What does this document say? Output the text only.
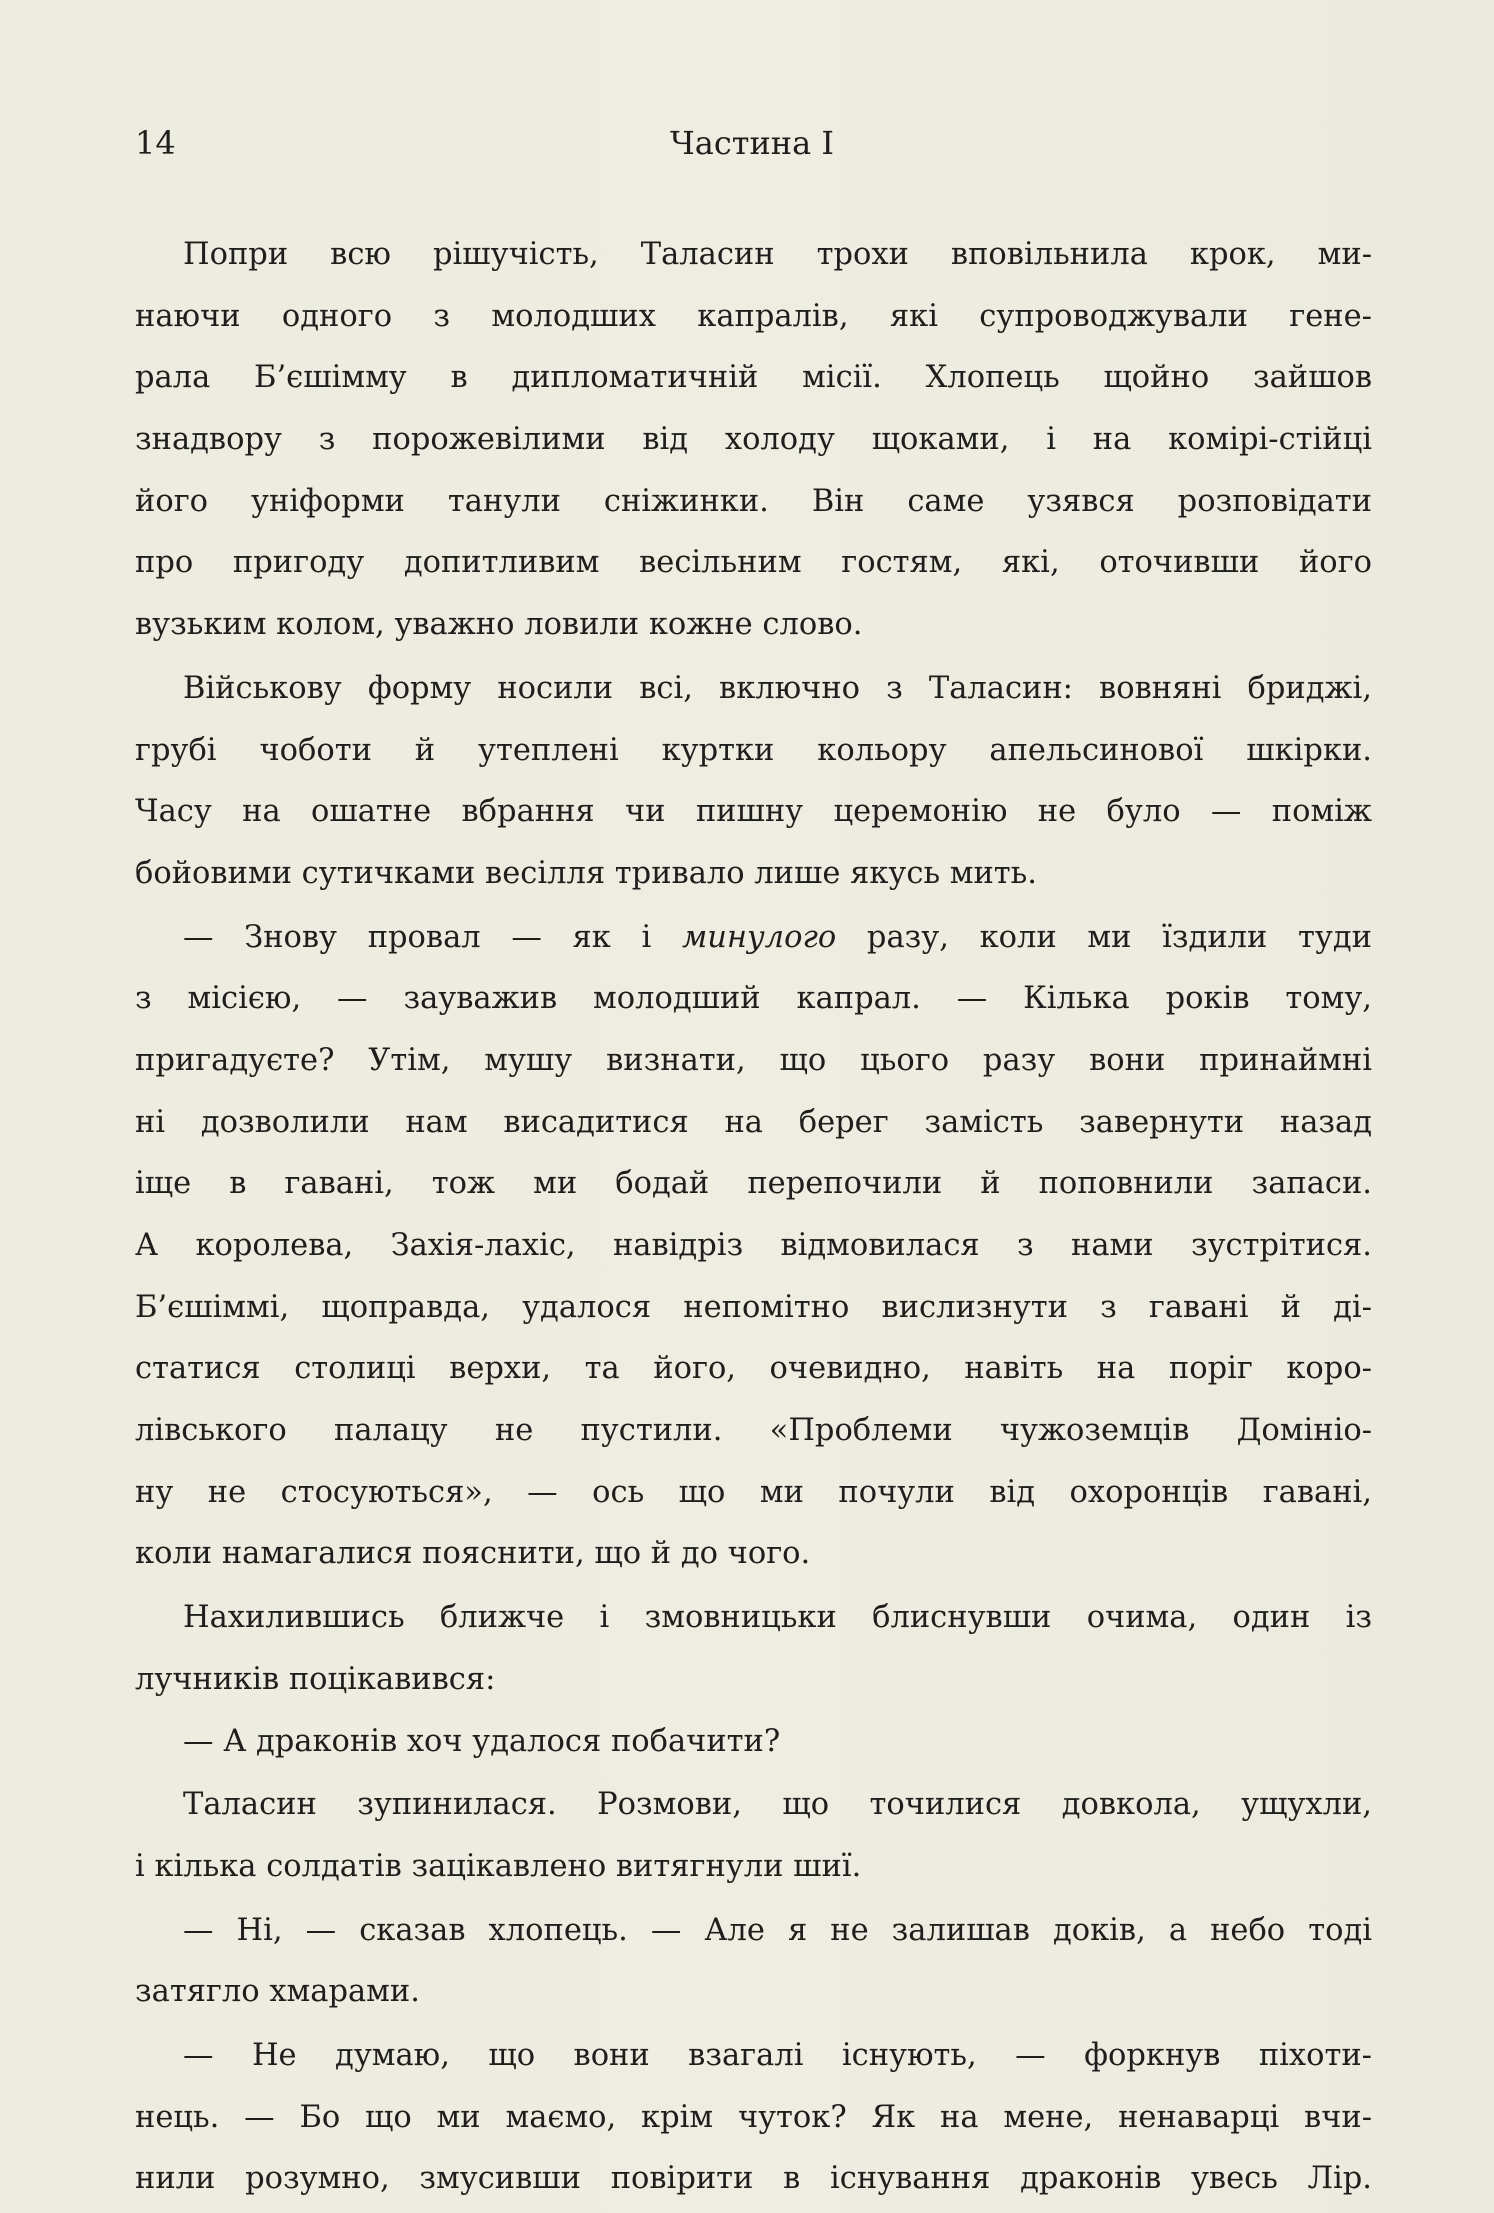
14	Частина І
Попри всю рішучість, Таласин трохи вповільнила крок, ми-
наючи одного з молодших капралів, які супроводжували гене-
рала Б’єшімму в дипломатичній місії. Хлопець щойно зайшов
знадвору з порожевілими від холоду щоками, і на комірі-стійці
його уніформи танули сніжинки. Він саме узявся розповідати
про пригоду допитливим весільним гостям, які, оточивши його
вузьким колом, уважно ловили кожне слово.
Військову форму носили всі, включно з Таласин: вовняні бриджі,
грубі чоботи й утеплені куртки кольору апельсинової шкірки.
Часу на ошатне вбрання чи пишну церемонію не було — поміж
бойовими сутичками весілля тривало лише якусь мить.
— Знову провал — як і минулого разу, коли ми їздили туди
з місією, — зауважив молодший капрал. — Кілька років тому,
пригадуєте? Утім, мушу визнати, що цього разу вони принаймні
ні дозволили нам висадитися на берег замість завернути назад
іще в гавані, тож ми бодай перепочили й поповнили запаси.
А королева, Захія-лахіс, навідріз відмовилася з нами зустрітися.
Б’єшіммі, щоправда, удалося непомітно вислизнути з гавані й ді-
статися столиці верхи, та його, очевидно, навіть на поріг коро-
лівського палацу не пустили. «Проблеми чужоземців Домініо-
ну не стосуються», — ось що ми почули від охоронців гавані,
коли намагалися пояснити, що й до чого.
Нахилившись ближче і змовницьки блиснувши очима, один із
лучників поцікавився:
— А драконів хоч удалося побачити?
Таласин зупинилася. Розмови, що точилися довкола, ущухли,
і кілька солдатів зацікавлено витягнули шиї.
— Ні, — сказав хлопець. — Але я не залишав доків, а небо тоді
затягло хмарами.
— Не думаю, що вони взагалі існують, — форкнув піхоти-
нець. — Бо що ми маємо, крім чуток? Як на мене, ненаварці вчи-
нили розумно, змусивши повірити в існування драконів увесь Лір.
